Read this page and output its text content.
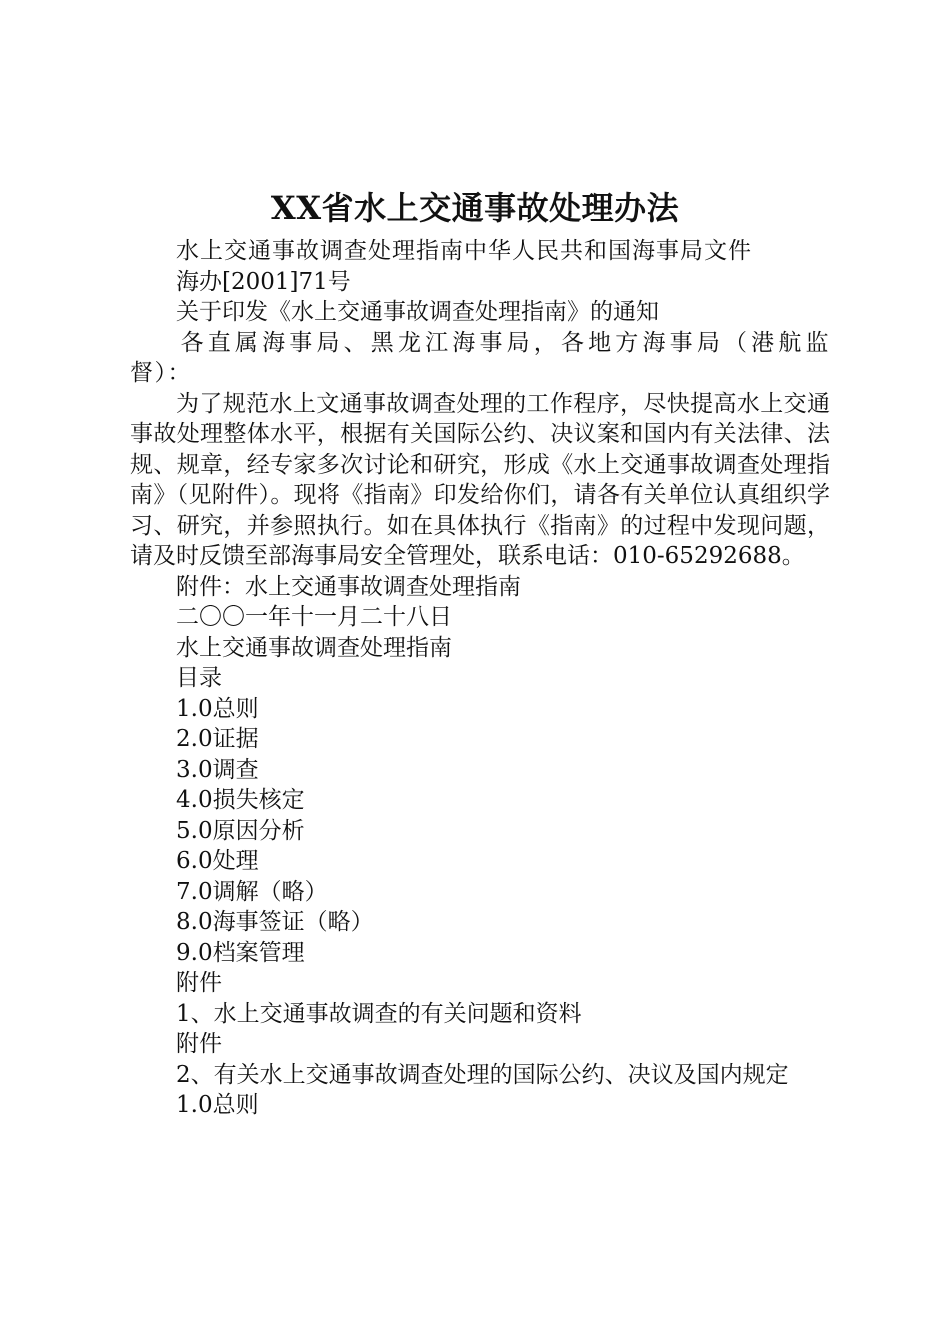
XX省水上交通事故处理办法

水上交通事故调查处理指南中华人民共和国海事局文件

海办[2001]71号

关于印发《水上交通事故调查处理指南》的通知

各直属海事局、黑龙江海事局，各地方海事局（港航监督）：

为了规范水上文通事故调查处理的工作程序，尽快提高水上交通事故处理整体水平，根据有关国际公约、决议案和国内有关法律、法规、规章，经专家多次讨论和研究，形成《水上交通事故调查处理指南》（见附件）。现将《指南》印发给你们，请各有关单位认真组织学习、研究，并参照执行。如在具体执行《指南》的过程中发现问题，请及时反馈至部海事局安全管理处，联系电话：010-65292688。

附件：水上交通事故调查处理指南

二〇〇一年十一月二十八日

水上交通事故调查处理指南

目录

1.0总则

2.0证据

3.0调查

4.0损失核定

5.0原因分析

6.0处理

7.0调解（略）

8.0海事签证（略）

9.0档案管理

附件

1、水上交通事故调查的有关问题和资料

附件

2、有关水上交通事故调查处理的国际公约、决议及国内规定

1.0总则
